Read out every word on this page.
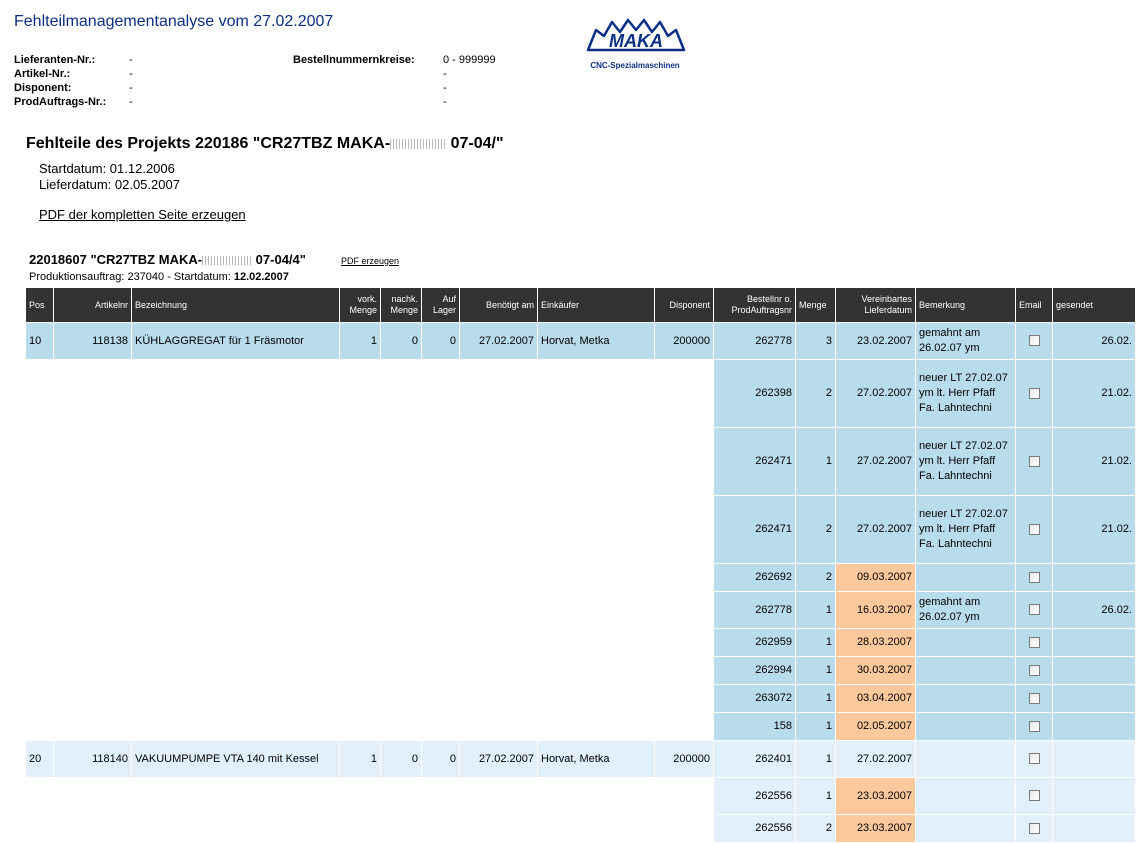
Fehlteilmanagementanalyse vom 27.02.2007
Lieferanten-Nr.:	-
Artikel-Nr.:	-
Disponent:	-
ProdAuftrags-Nr.:	-
Bestellnummernkreise:	0 - 999999
-
-
-
MAKA
CNC-Spezialmaschinen
Fehlteile des Projekts 220186 "CR27TBZ MAKA-	07-04/"
Startdatum: 01.12.2006
Lieferdatum: 02.05.2007
PDF der kompletten Seite erzeugen
22018607 "CR27TBZ MAKA-	07-04/4"	PDF erzeugen
Produktionsauftrag: 237040 - Startdatum: 12.02.2007
Pos	Artikelnr	Bezeichnung	vork. Menge	nachk. Menge	Auf Lager	Benötigt am	Einkäufer	Disponent	Bestellnr o. ProdAuftragsnr	Menge	Vereinbartes Lieferdatum	Bemerkung	Email	gesendet
10	118138	KÜHLAGGREGAT für 1 Fräsmotor	1	0	0	27.02.2007	Horvat, Metka	200000	262778	3	23.02.2007	gemahnt am 26.02.07 ym		26.02.
									262398	2	27.02.2007	neuer LT 27.02.07 ym lt. Herr Pfaff Fa. Lahntechni		21.02.
									262471	1	27.02.2007	neuer LT 27.02.07 ym lt. Herr Pfaff Fa. Lahntechni		21.02.
									262471	2	27.02.2007	neuer LT 27.02.07 ym lt. Herr Pfaff Fa. Lahntechni		21.02.
									262692	2	09.03.2007			
									262778	1	16.03.2007	gemahnt am 26.02.07 ym		26.02.
									262959	1	28.03.2007			
									262994	1	30.03.2007			
									263072	1	03.04.2007			
									158	1	02.05.2007			
20	118140	VAKUUMPUMPE VTA 140 mit Kessel	1	0	0	27.02.2007	Horvat, Metka	200000	262401	1	27.02.2007			
									262556	1	23.03.2007			
									262556	2	23.03.2007			
